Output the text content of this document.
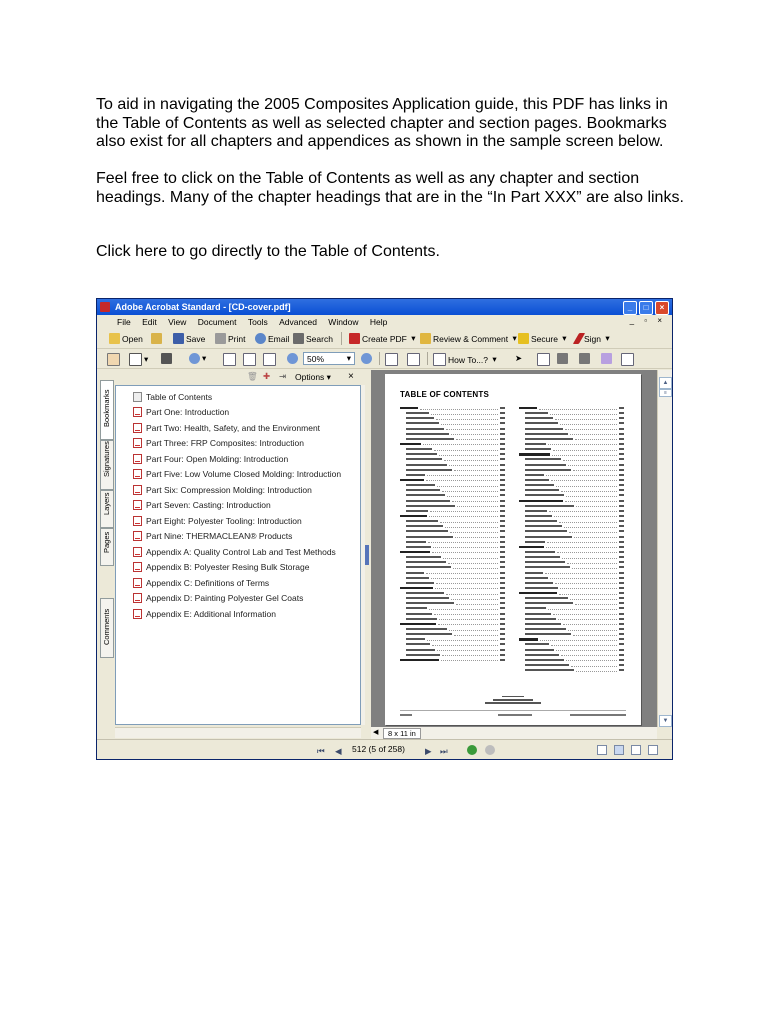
To aid in navigating the 2005 Composites Application guide, this PDF has links in the Table of Contents as well as selected chapter and section pages. Bookmarks also exist for all chapters and appendices as shown in the sample screen below.
Feel free to click on the Table of Contents as well as any chapter and section headings. Many of the chapter headings that are in the “In Part XXX” are also links.
Click here to go directly to the Table of Contents.
Adobe Acrobat Standard - [CD-cover.pdf]	_	□	×
File Edit View Document Tools Advanced Window Help	_ ▫ ×
Open	Save	Print	Email Search	Create PDF ▾ Review & Comment ▾ Secure ▾ Sign ▾
▾	▾	50%	▾	How To...? ▾ ➤
Bookmarks
Signatures
Layers
Pages
Comments
🗑 ✚ ⇥ Options ▾ ×
Table of Contents
Part One: Introduction
Part Two: Health, Safety, and the Environment
Part Three: FRP Composites: Introduction
Part Four: Open Molding: Introduction
Part Five: Low Volume Closed Molding: Introduction
Part Six: Compression Molding: Introduction
Part Seven: Casting: Introduction
Part Eight: Polyester Tooling: Introduction
Part Nine: THERMACLEAN® Products
Appendix A: Quality Control Lab and Test Methods
Appendix B: Polyester Resing Bulk Storage
Appendix C: Definitions of Terms
Appendix D: Painting Polyester Gel Coats
Appendix E: Additional Information
TABLE OF CONTENTS
▲
≡
▼
◀	8 x 11 in
⏮ ◀ 512 (5 of 258) ▶ ⏭
